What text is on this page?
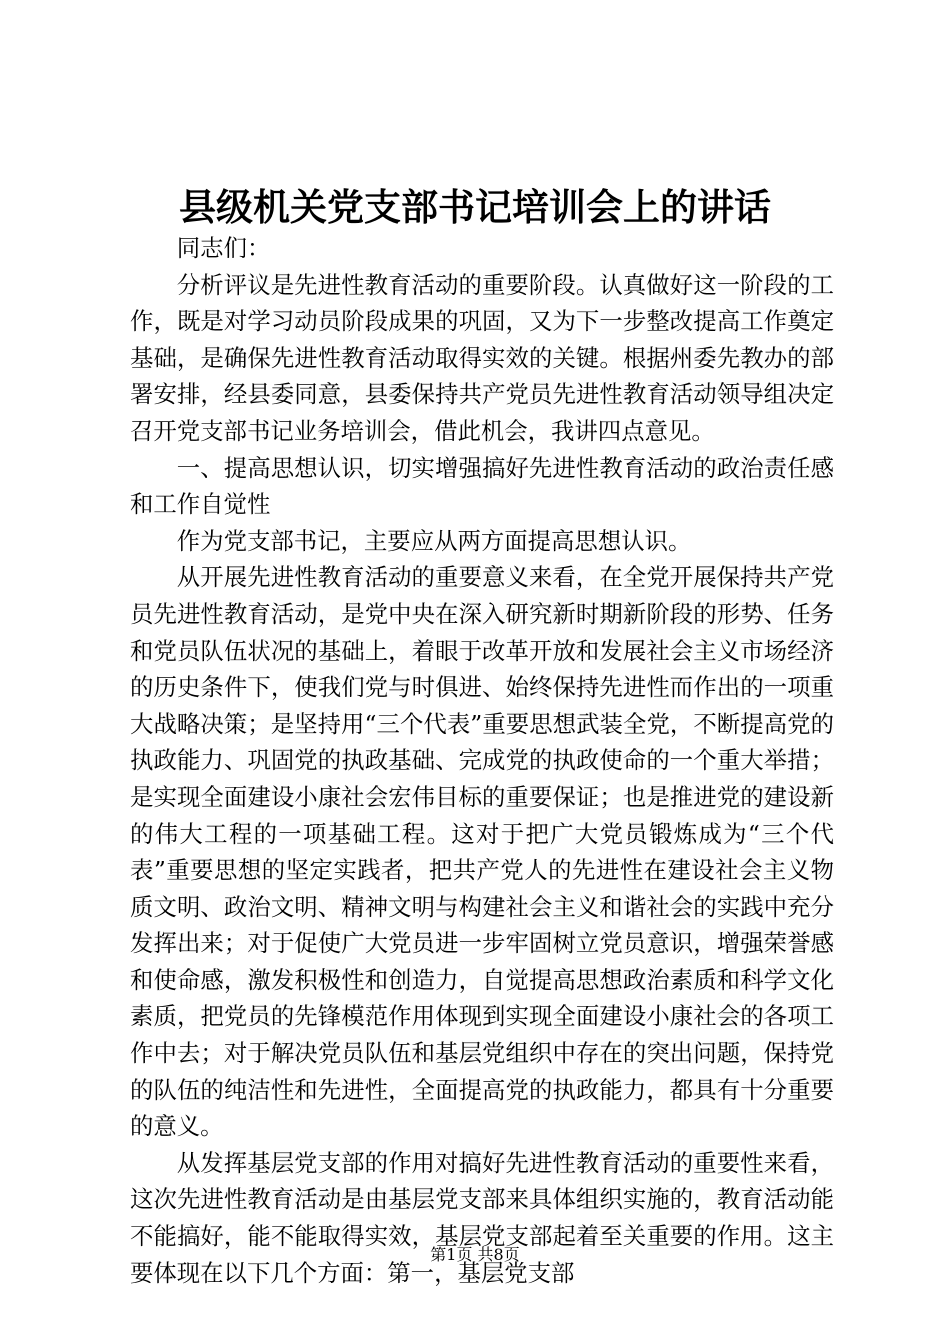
县级机关党支部书记培训会上的讲话

同志们：

分析评议是先进性教育活动的重要阶段。认真做好这一阶段的工作，既是对学习动员阶段成果的巩固，又为下一步整改提高工作奠定基础，是确保先进性教育活动取得实效的关键。根据州委先教办的部署安排，经县委同意，县委保持共产党员先进性教育活动领导组决定召开党支部书记业务培训会，借此机会，我讲四点意见。

一、提高思想认识，切实增强搞好先进性教育活动的政治责任感和工作自觉性

作为党支部书记，主要应从两方面提高思想认识。

从开展先进性教育活动的重要意义来看，在全党开展保持共产党员先进性教育活动，是党中央在深入研究新时期新阶段的形势、任务和党员队伍状况的基础上，着眼于改革开放和发展社会主义市场经济的历史条件下，使我们党与时俱进、始终保持先进性而作出的一项重大战略决策；是坚持用“三个代表”重要思想武装全党，不断提高党的执政能力、巩固党的执政基础、完成党的执政使命的一个重大举措；是实现全面建设小康社会宏伟目标的重要保证；也是推进党的建设新的伟大工程的一项基础工程。这对于把广大党员锻炼成为“三个代表”重要思想的坚定实践者，把共产党人的先进性在建设社会主义物质文明、政治文明、精神文明与构建社会主义和谐社会的实践中充分发挥出来；对于促使广大党员进一步牢固树立党员意识，增强荣誉感和使命感，激发积极性和创造力，自觉提高思想政治素质和科学文化素质，把党员的先锋模范作用体现到实现全面建设小康社会的各项工作中去；对于解决党员队伍和基层党组织中存在的突出问题，保持党的队伍的纯洁性和先进性，全面提高党的执政能力，都具有十分重要的意义。

从发挥基层党支部的作用对搞好先进性教育活动的重要性来看，这次先进性教育活动是由基层党支部来具体组织实施的，教育活动能不能搞好，能不能取得实效，基层党支部起着至关重要的作用。这主要体现在以下几个方面：第一，基层党支部

第1页 共8页
